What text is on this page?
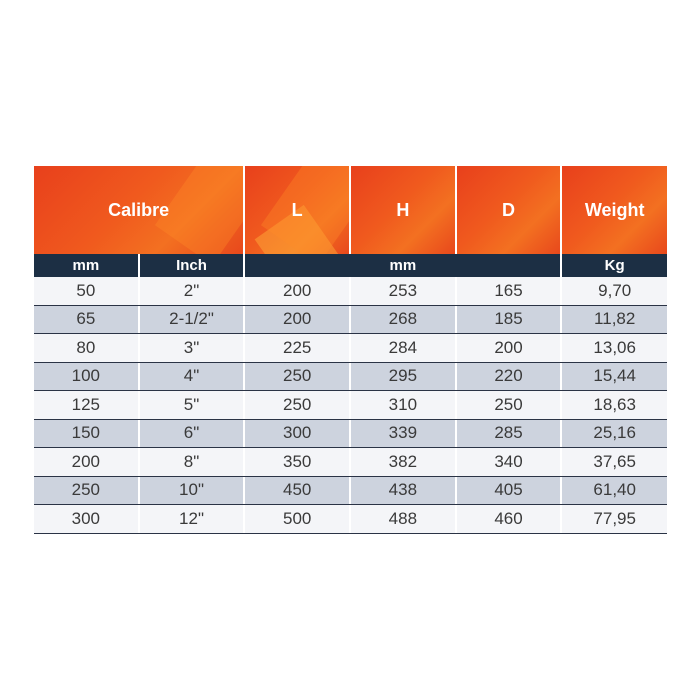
Calibre	L	H	D	Weight
mm	Inch	mm	Kg
50	2"	200	253	165	9,70
65	2-1/2"	200	268	185	11,82
80	3"	225	284	200	13,06
100	4"	250	295	220	15,44
125	5"	250	310	250	18,63
150	6"	300	339	285	25,16
200	8"	350	382	340	37,65
250	10"	450	438	405	61,40
300	12"	500	488	460	77,95
